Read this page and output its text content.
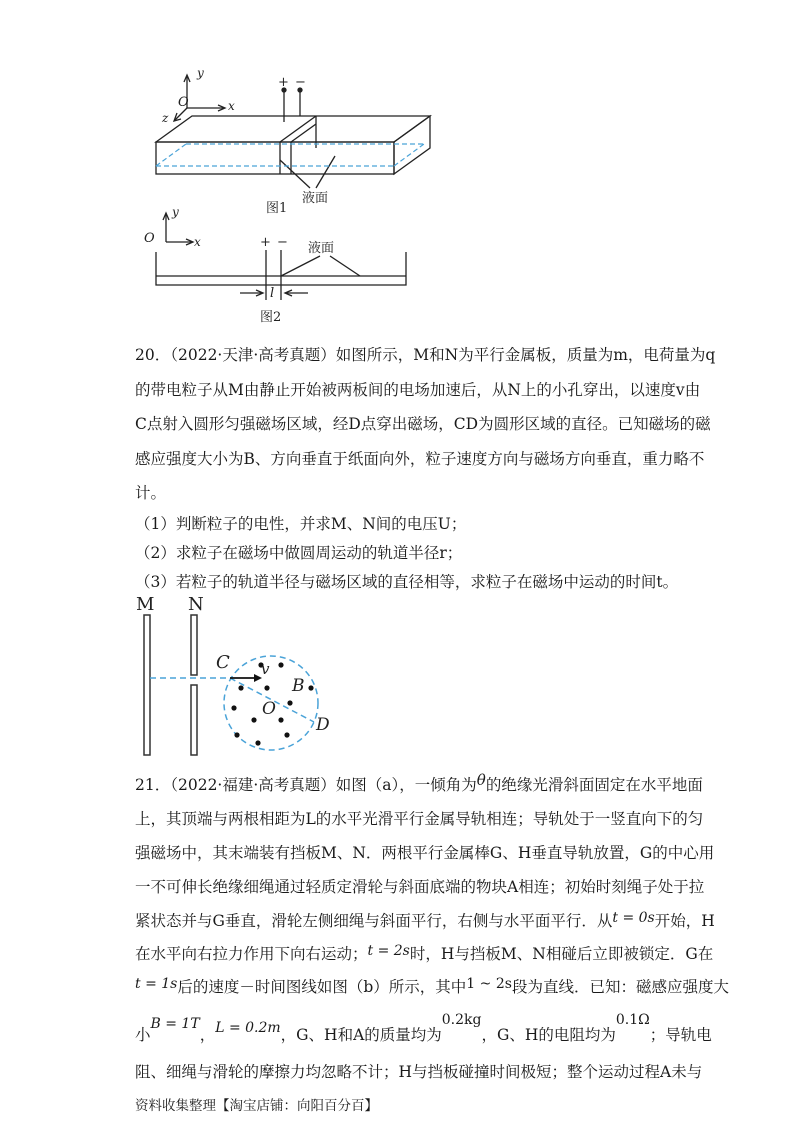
y
O	x
z
+ −
液面
图1
y
O	x	+ − 液面
l
图2
20．（2022·天津·高考真题）如图所示，M和N为平行金属板，质量为m，电荷量为q
的带电粒子从M由静止开始被两板间的电场加速后，从N上的小孔穿出，以速度v由
C点射入圆形匀强磁场区域，经D点穿出磁场，CD为圆形区域的直径。已知磁场的磁
感应强度大小为B、方向垂直于纸面向外，粒子速度方向与磁场方向垂直，重力略不
计。
（1）判断粒子的电性，并求M、N间的电压U；
（2）求粒子在磁场中做圆周运动的轨道半径r；
（3）若粒子的轨道半径与磁场区域的直径相等，求粒子在磁场中运动的时间t。
M N
C v
B
O
D
21．（2022·福建·高考真题）如图（a），一倾角为θ的绝缘光滑斜面固定在水平地面
上，其顶端与两根相距为L的水平光滑平行金属导轨相连；导轨处于一竖直向下的匀
强磁场中，其末端装有挡板M、N．两根平行金属棒G、H垂直导轨放置，G的中心用
一不可伸长绝缘细绳通过轻质定滑轮与斜面底端的物块A相连；初始时刻绳子处于拉
紧状态并与G垂直，滑轮左侧细绳与斜面平行，右侧与水平面平行．从t = 0s开始，H
在水平向右拉力作用下向右运动；t = 2s时，H与挡板M、N相碰后立即被锁定．G在
t = 1s后的速度－时间图线如图（b）所示，其中1 ~ 2s段为直线．已知：磁感应强度大
小B = 1T，L = 0.2m，G、H和A的质量均为0.2kg，G、H的电阻均为0.1Ω；导轨电
阻、细绳与滑轮的摩擦力均忽略不计；H与挡板碰撞时间极短；整个运动过程A未与
资料收集整理【淘宝店铺：向阳百分百】
